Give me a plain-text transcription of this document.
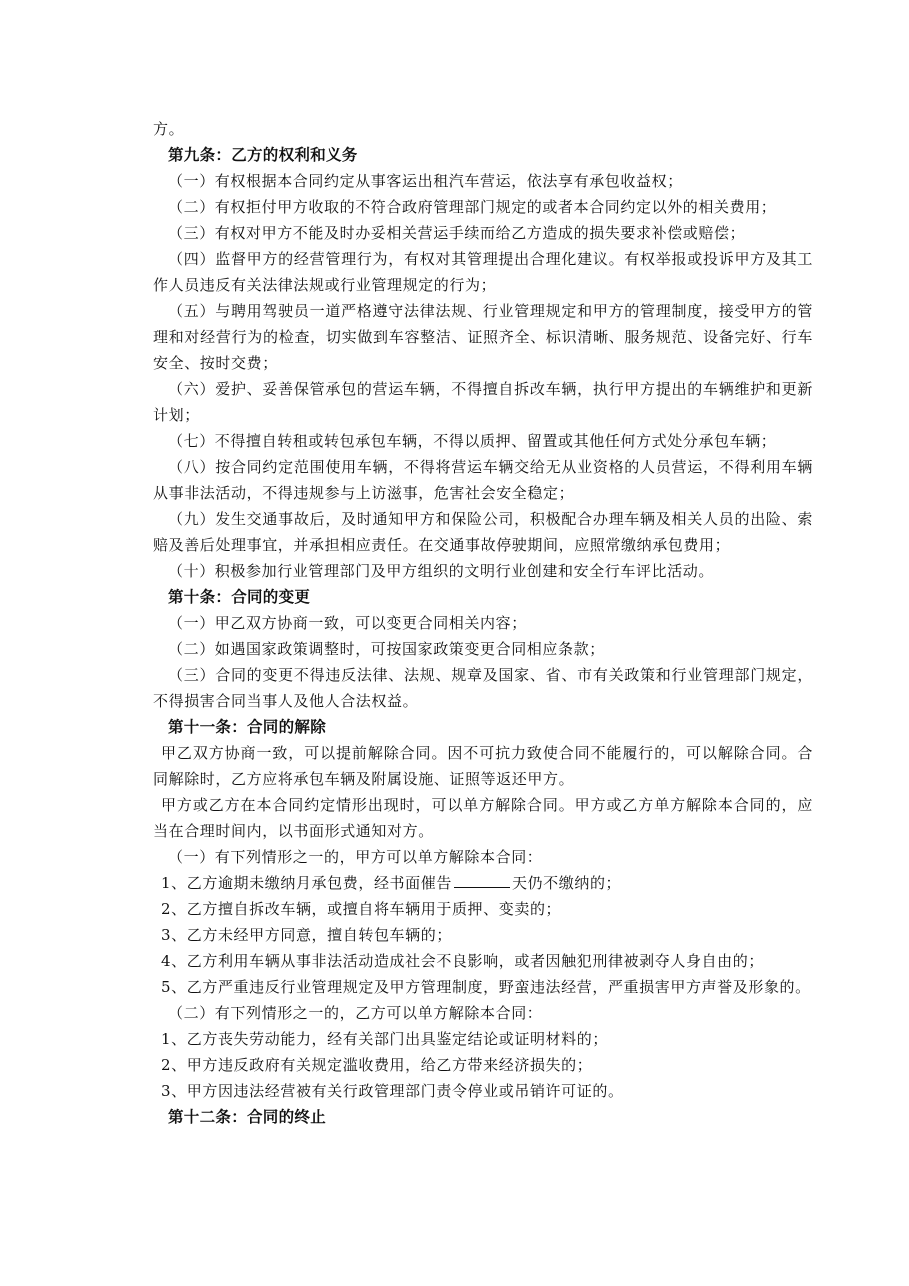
方。

第九条：乙方的权利和义务

（一）有权根据本合同约定从事客运出租汽车营运，依法享有承包收益权；

（二）有权拒付甲方收取的不符合政府管理部门规定的或者本合同约定以外的相关费用；

（三）有权对甲方不能及时办妥相关营运手续而给乙方造成的损失要求补偿或赔偿；

（四）监督甲方的经营管理行为，有权对其管理提出合理化建议。有权举报或投诉甲方及其工作人员违反有关法律法规或行业管理规定的行为；

（五）与聘用驾驶员一道严格遵守法律法规、行业管理规定和甲方的管理制度，接受甲方的管理和对经营行为的检查，切实做到车容整洁、证照齐全、标识清晰、服务规范、设备完好、行车安全、按时交费；

（六）爱护、妥善保管承包的营运车辆，不得擅自拆改车辆，执行甲方提出的车辆维护和更新计划；

（七）不得擅自转租或转包承包车辆，不得以质押、留置或其他任何方式处分承包车辆；

（八）按合同约定范围使用车辆，不得将营运车辆交给无从业资格的人员营运，不得利用车辆从事非法活动，不得违规参与上访滋事，危害社会安全稳定；

（九）发生交通事故后，及时通知甲方和保险公司，积极配合办理车辆及相关人员的出险、索赔及善后处理事宜，并承担相应责任。在交通事故停驶期间，应照常缴纳承包费用；

（十）积极参加行业管理部门及甲方组织的文明行业创建和安全行车评比活动。

第十条：合同的变更

（一）甲乙双方协商一致，可以变更合同相关内容；

（二）如遇国家政策调整时，可按国家政策变更合同相应条款；

（三）合同的变更不得违反法律、法规、规章及国家、省、市有关政策和行业管理部门规定，不得损害合同当事人及他人合法权益。

第十一条：合同的解除

甲乙双方协商一致，可以提前解除合同。因不可抗力致使合同不能履行的，可以解除合同。合同解除时，乙方应将承包车辆及附属设施、证照等返还甲方。

甲方或乙方在本合同约定情形出现时，可以单方解除合同。甲方或乙方单方解除本合同的，应当在合理时间内，以书面形式通知对方。

（一）有下列情形之一的，甲方可以单方解除本合同：

1、乙方逾期未缴纳月承包费，经书面催告	天仍不缴纳的；

2、乙方擅自拆改车辆，或擅自将车辆用于质押、变卖的；

3、乙方未经甲方同意，擅自转包车辆的；

4、乙方利用车辆从事非法活动造成社会不良影响，或者因触犯刑律被剥夺人身自由的；

5、乙方严重违反行业管理规定及甲方管理制度，野蛮违法经营，严重损害甲方声誉及形象的。

（二）有下列情形之一的，乙方可以单方解除本合同：

1、乙方丧失劳动能力，经有关部门出具鉴定结论或证明材料的；

2、甲方违反政府有关规定滥收费用，给乙方带来经济损失的；

3、甲方因违法经营被有关行政管理部门责令停业或吊销许可证的。

第十二条：合同的终止
